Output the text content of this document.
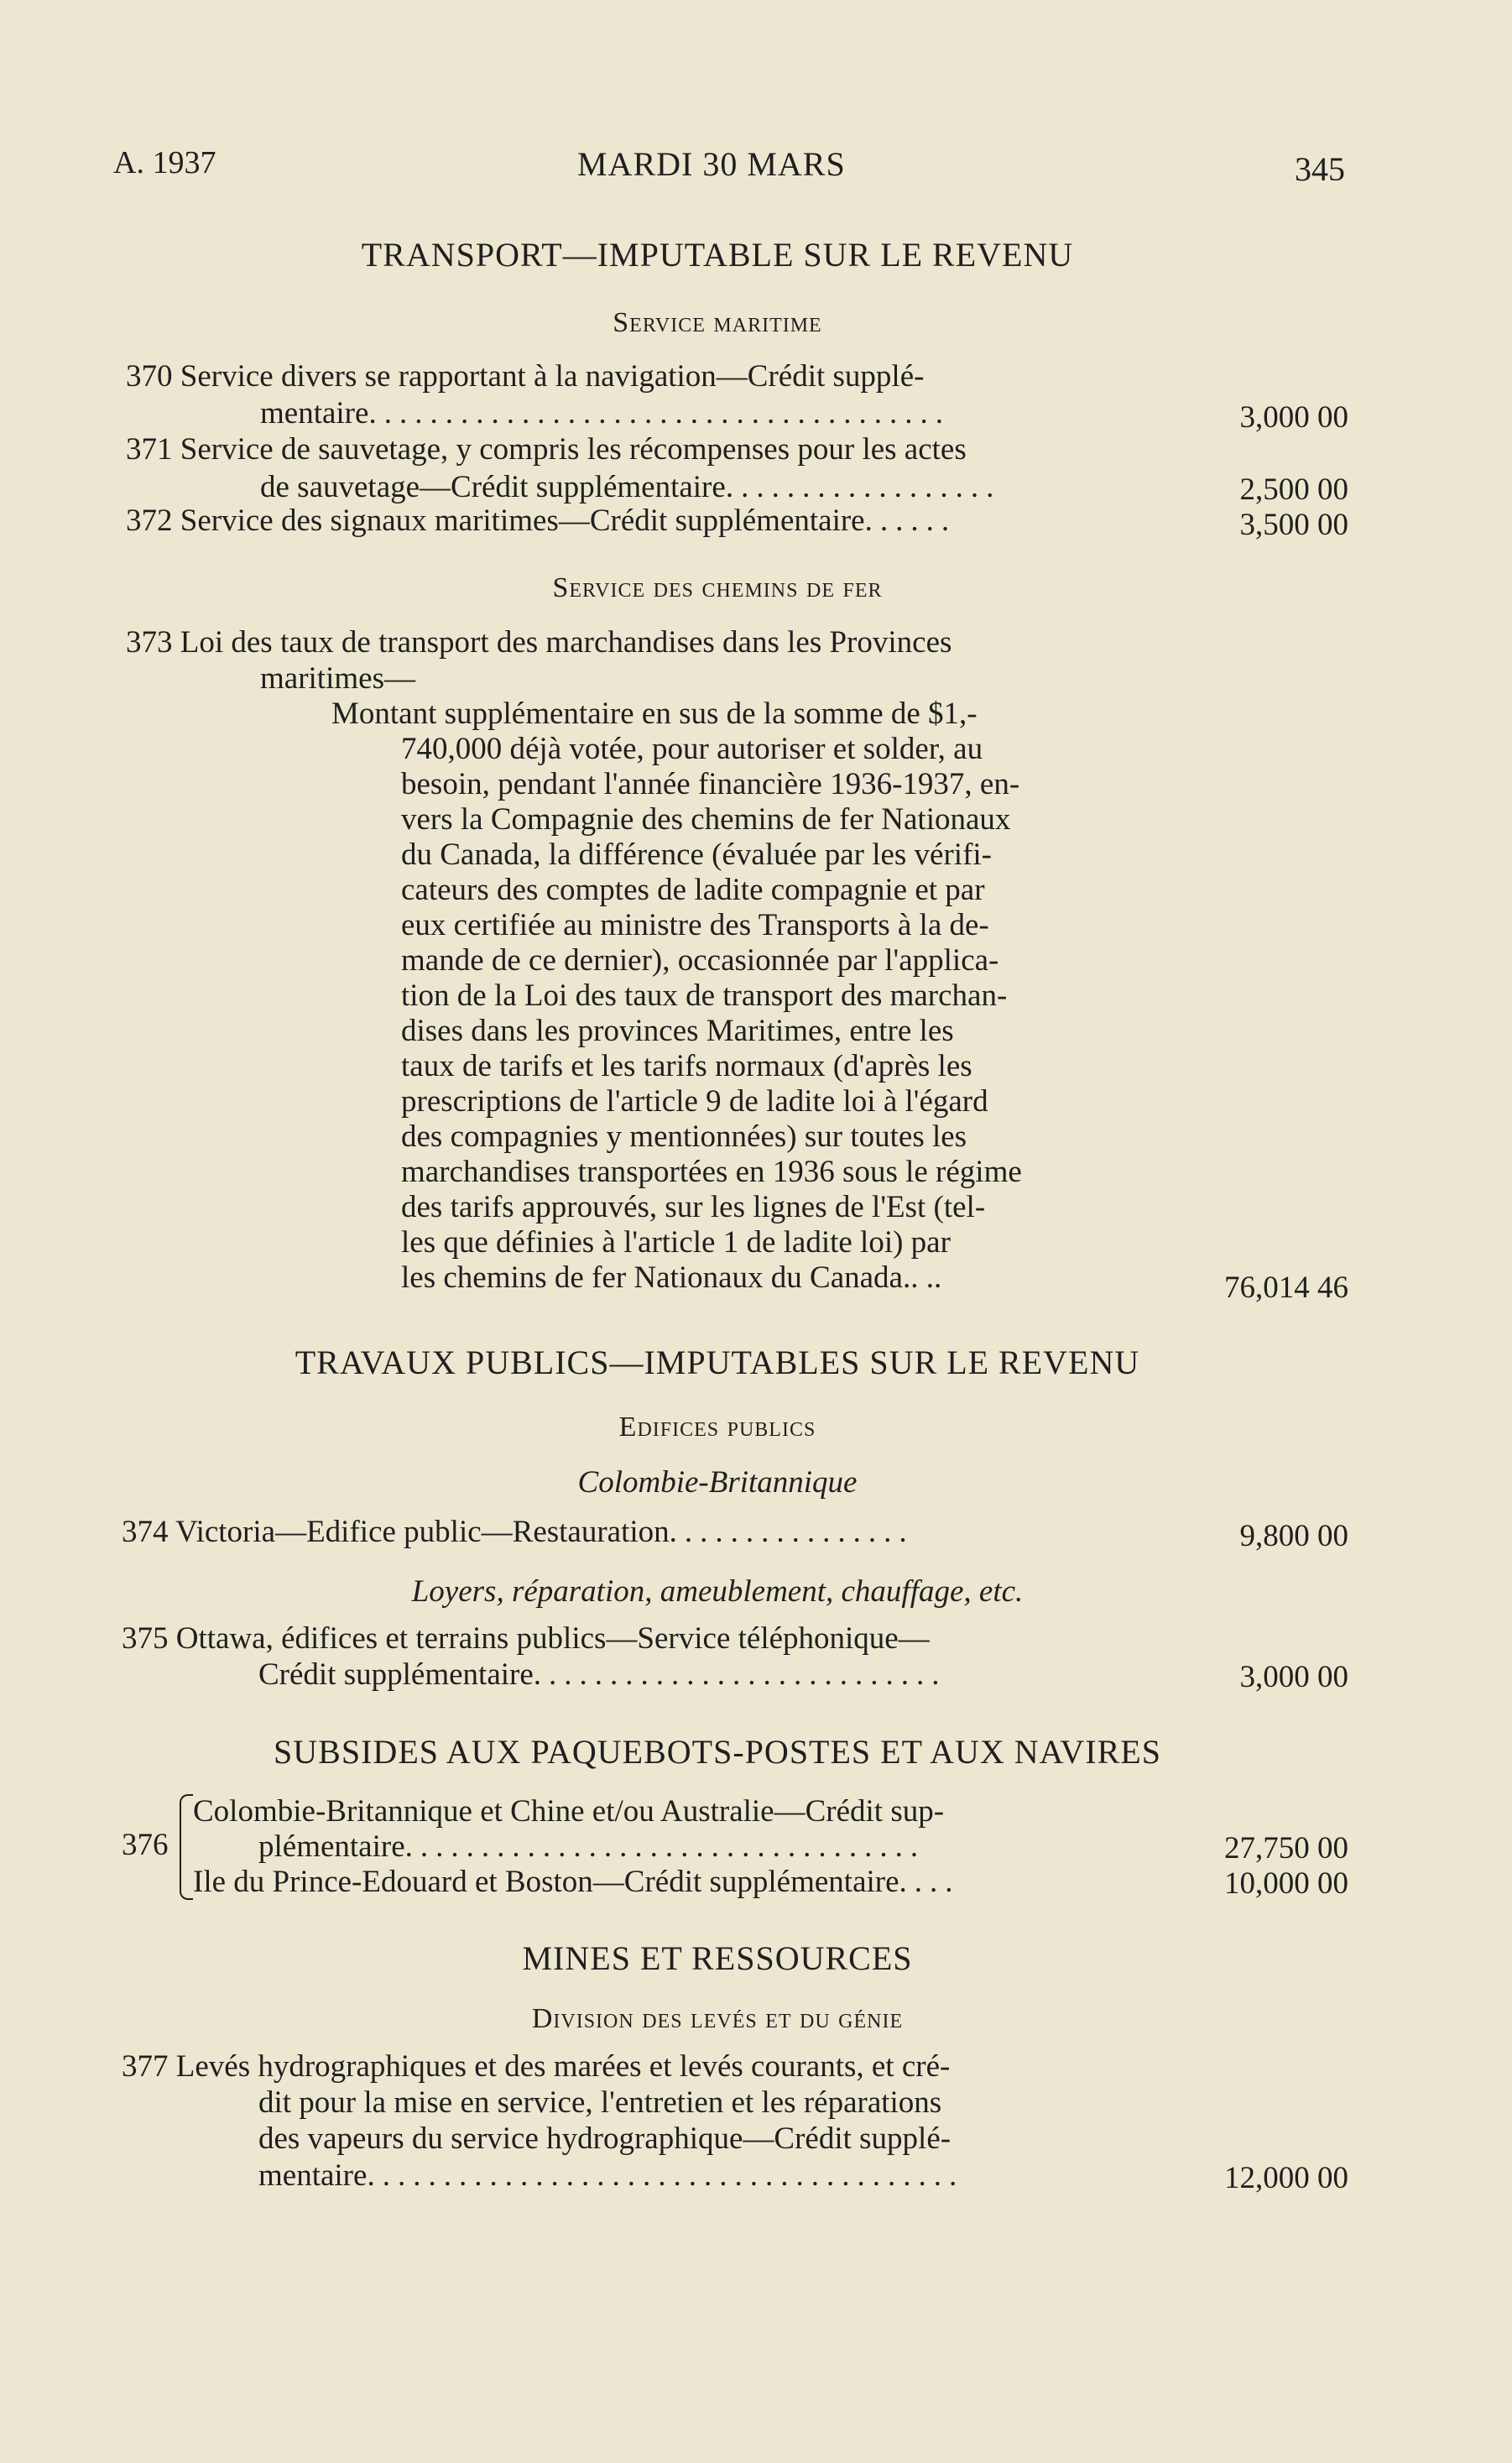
A. 1937	MARDI 30 MARS	345
TRANSPORT—IMPUTABLE SUR LE REVENU
Service maritime
370 Service divers se rapportant à la navigation—Crédit supplé-
mentaire......................................	3,000 00
371 Service de sauvetage, y compris les récompenses pour les actes
de sauvetage—Crédit supplémentaire..................	2,500 00
372 Service des signaux maritimes—Crédit supplémentaire......	3,500 00
Service des chemins de fer
373 Loi des taux de transport des marchandises dans les Provinces
maritimes—
Montant supplémentaire en sus de la somme de $1,-
740,000 déjà votée, pour autoriser et solder, au
besoin, pendant l'année financière 1936-1937, en-
vers la Compagnie des chemins de fer Nationaux
du Canada, la différence (évaluée par les vérifi-
cateurs des comptes de ladite compagnie et par
eux certifiée au ministre des Transports à la de-
mande de ce dernier), occasionnée par l'applica-
tion de la Loi des taux de transport des marchan-
dises dans les provinces Maritimes, entre les
taux de tarifs et les tarifs normaux (d'après les
prescriptions de l'article 9 de ladite loi à l'égard
des compagnies y mentionnées) sur toutes les
marchandises transportées en 1936 sous le régime
des tarifs approuvés, sur les lignes de l'Est (tel-
les que définies à l'article 1 de ladite loi) par
les chemins de fer Nationaux du Canada.. ..	76,014 46
TRAVAUX PUBLICS—IMPUTABLES SUR LE REVENU
Edifices publics
Colombie-Britannique
374 Victoria—Edifice public—Restauration................	9,800 00
Loyers, réparation, ameublement, chauffage, etc.
375 Ottawa, édifices et terrains publics—Service téléphonique—
Crédit supplémentaire...........................	3,000 00
SUBSIDES AUX PAQUEBOTS-POSTES ET AUX NAVIRES
376
Colombie-Britannique et Chine et/ou Australie—Crédit sup-
plémentaire..................................	27,750 00
Ile du Prince-Edouard et Boston—Crédit supplémentaire....	10,000 00
MINES ET RESSOURCES
Division des levés et du génie
377 Levés hydrographiques et des marées et levés courants, et cré-
dit pour la mise en service, l'entretien et les réparations
des vapeurs du service hydrographique—Crédit supplé-
mentaire.......................................	12,000 00
